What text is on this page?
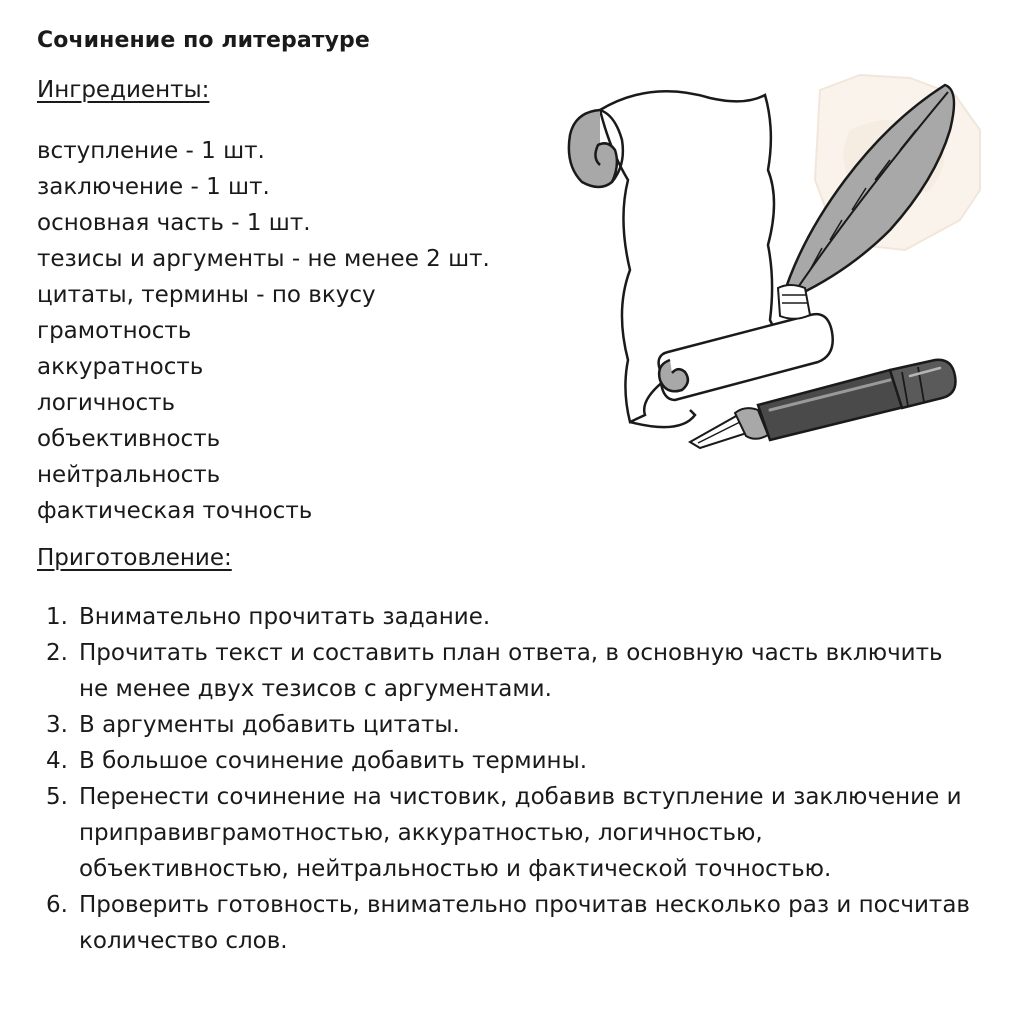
Сочинение по литературе
Ингредиенты:
вступление - 1 шт.
заключение - 1 шт.
основная часть - 1 шт.
тезисы и аргументы - не менее 2 шт.
цитаты, термины - по вкусу
грамотность
аккуратность
логичность
объективность
нейтральность
фактическая точность
Приготовление:
1. Внимательно прочитать задание.
2. Прочитать текст и составить план ответа, в основную часть включить не менее двух тезисов с аргументами.
3. В аргументы добавить цитаты.
4. В большое сочинение добавить термины.
5. Перенести сочинение на чистовик, добавив вступление и заключение и приправивграмотностью, аккуратностью, логичностью, объективностью, нейтральностью и фактической точностью.
6. Проверить готовность, внимательно прочитав несколько раз и посчитав количество слов.
